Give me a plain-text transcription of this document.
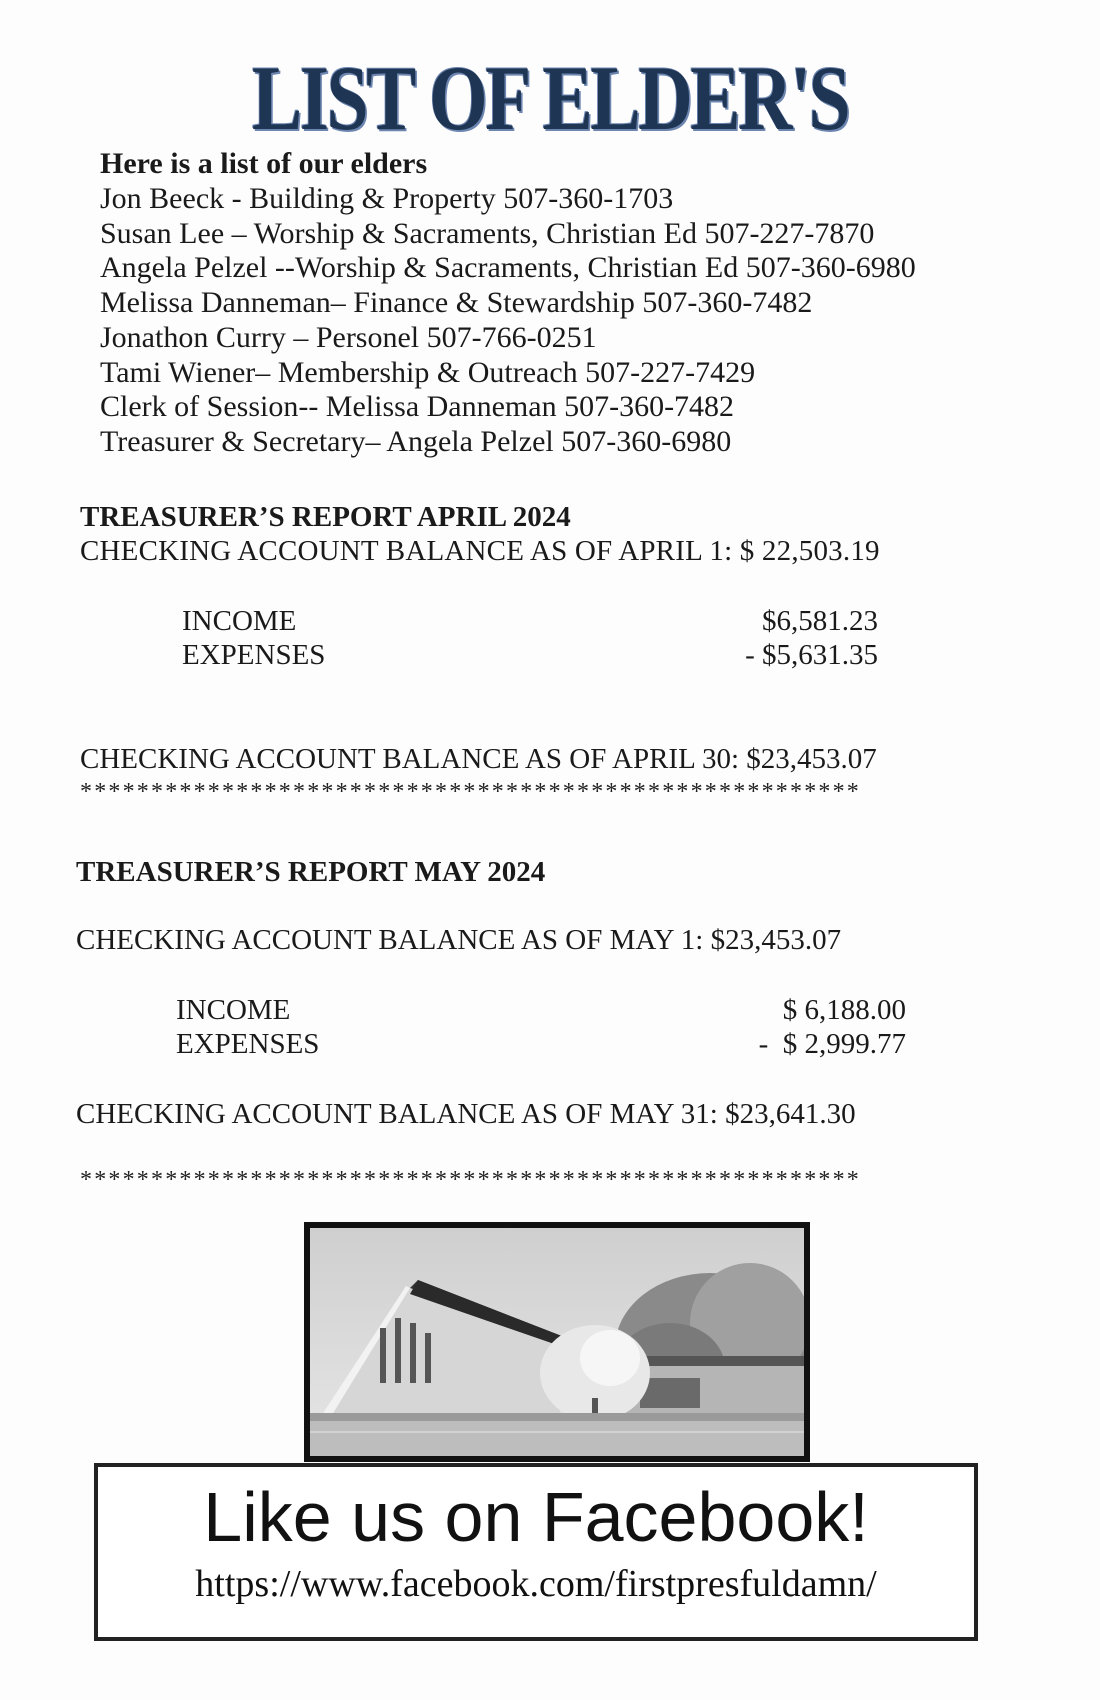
LIST OF ELDER'S
Here is a list of our elders
Jon Beeck - Building & Property 507-360-1703
Susan Lee – Worship & Sacraments, Christian Ed 507-227-7870
Angela Pelzel --Worship & Sacraments, Christian Ed 507-360-6980
Melissa Danneman– Finance & Stewardship 507-360-7482
Jonathon Curry – Personel 507-766-0251
Tami Wiener– Membership & Outreach 507-227-7429
Clerk of Session-- Melissa Danneman 507-360-7482
Treasurer & Secretary– Angela Pelzel 507-360-6980
TREASURER’S REPORT APRIL 2024
CHECKING ACCOUNT BALANCE AS OF APRIL 1: $ 22,503.19
INCOME	$6,581.23
EXPENSES	- $5,631.35
CHECKING ACCOUNT BALANCE AS OF APRIL 30: $23,453.07
*******************************************************
TREASURER’S REPORT MAY 2024
CHECKING ACCOUNT BALANCE AS OF MAY 1: $23,453.07
INCOME	$ 6,188.00
EXPENSES	-  $ 2,999.77
CHECKING ACCOUNT BALANCE AS OF MAY 31: $23,641.30
*******************************************************
Like us on Facebook!
https://www.facebook.com/firstpresfuldamn/
